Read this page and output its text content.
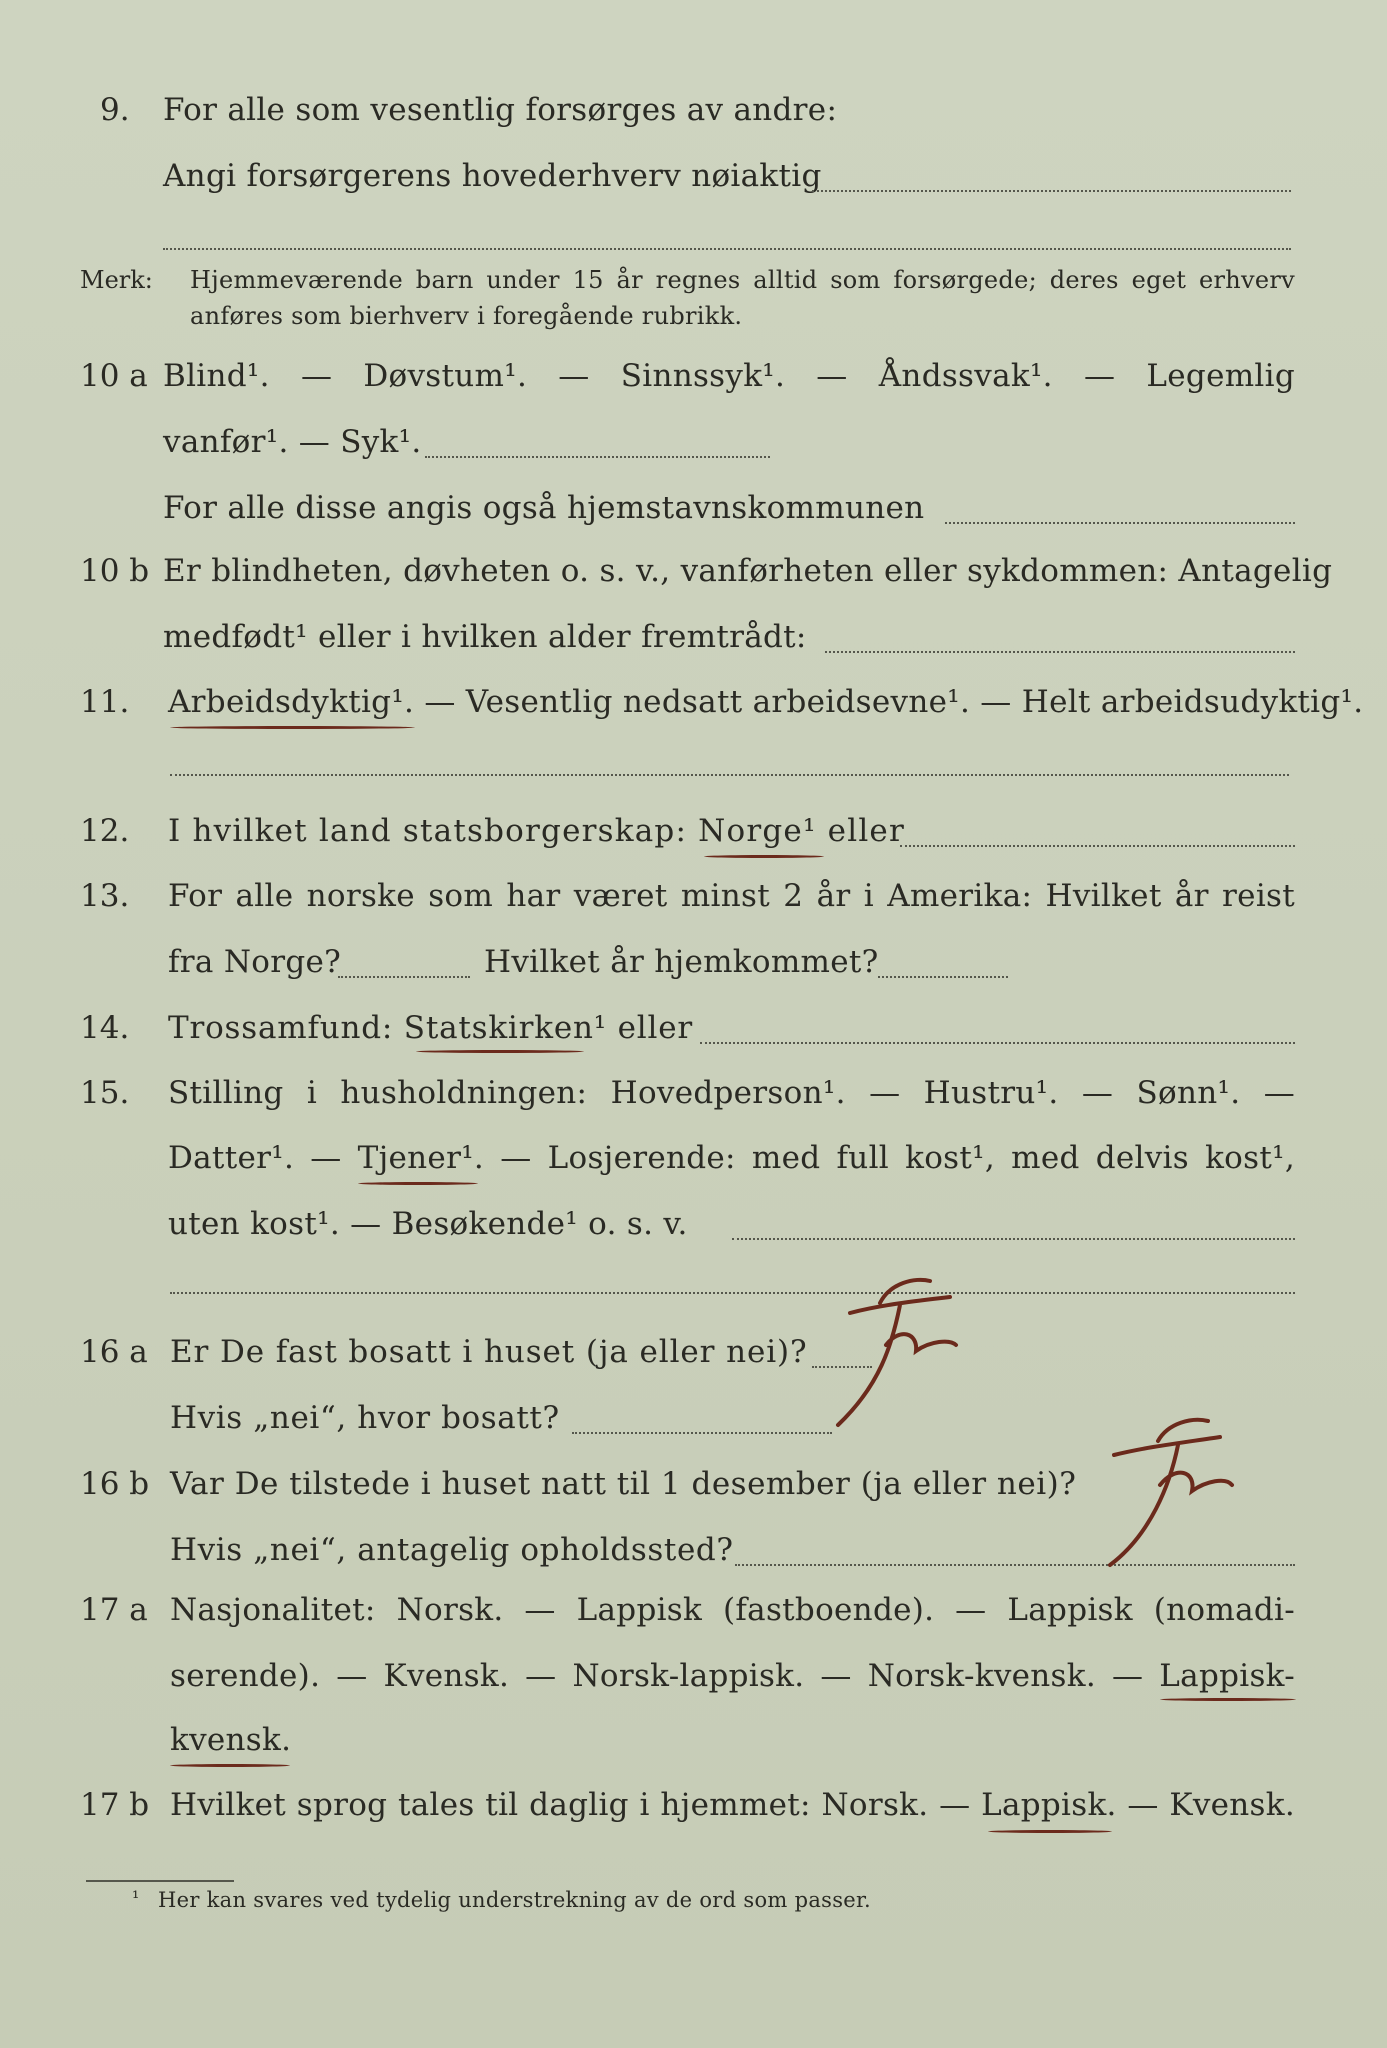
9. For alle som vesentlig forsørges av andre:
Angi forsørgerens hovederhverv nøiaktig
Merk: Hjemmeværende barn under 15 år regnes alltid som forsørgede; deres eget erhverv
anføres som bierhverv i foregående rubrikk.
10 a Blind¹. — Døvstum¹. — Sinnssyk¹. — Åndssvak¹. — Legemlig
vanfør¹. — Syk¹.
For alle disse angis også hjemstavnskommunen
10 b Er blindheten, døvheten o. s. v., vanførheten eller sykdommen: Antagelig
medfødt¹ eller i hvilken alder fremtrådt:
11. Arbeidsdyktig¹. — Vesentlig nedsatt arbeidsevne¹. — Helt arbeidsudyktig¹.
12. I hvilket land statsborgerskap: Norge¹ eller
13. For alle norske som har været minst 2 år i Amerika: Hvilket år reist
fra Norge?	Hvilket år hjemkommet?
14. Trossamfund: Statskirken¹ eller
15. Stilling i husholdningen: Hovedperson¹. — Hustru¹. — Sønn¹. —
Datter¹. — Tjener¹. — Losjerende: med full kost¹, med delvis kost¹,
uten kost¹. — Besøkende¹ o. s. v.
16 a Er De fast bosatt i huset (ja eller nei)?
Hvis „nei“, hvor bosatt?
16 b Var De tilstede i huset natt til 1 desember (ja eller nei)?
Hvis „nei“, antagelig opholdssted?
17 a Nasjonalitet: Norsk. — Lappisk (fastboende). — Lappisk (nomadi-
serende). — Kvensk. — Norsk-lappisk. — Norsk-kvensk. — Lappisk-
kvensk.
17 b Hvilket sprog tales til daglig i hjemmet: Norsk. — Lappisk. — Kvensk.
¹ Her kan svares ved tydelig understrekning av de ord som passer.
